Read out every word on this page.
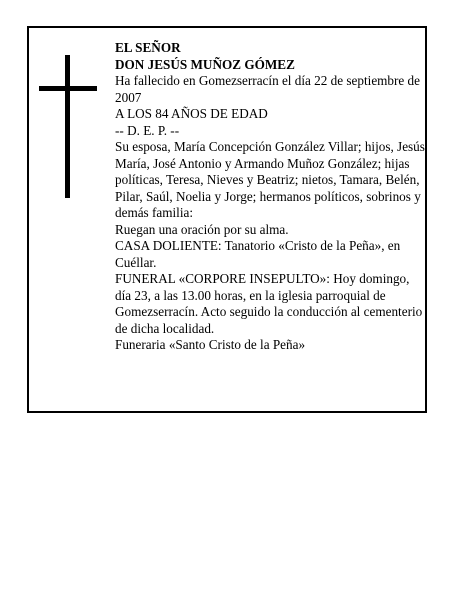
EL SEÑOR

DON JESÚS MUÑOZ GÓMEZ

Ha fallecido en Gomezserracín el día 22 de septiembre de 2007

A LOS 84 AÑOS DE EDAD

-- D. E. P. --

Su esposa, María Concepción González Villar; hijos, Jesús María, José Antonio y Armando Muñoz González; hijas políticas, Teresa, Nieves y Beatriz; nietos, Tamara, Belén, Pilar, Saúl, Noelia y Jorge; hermanos políticos, sobrinos y demás familia:

Ruegan una oración por su alma.

CASA DOLIENTE: Tanatorio «Cristo de la Peña», en Cuéllar.

FUNERAL «CORPORE INSEPULTO»: Hoy domingo, día 23, a las 13.00 horas, en la iglesia parroquial de Gomezserracín. Acto seguido la conducción al cementerio de dicha localidad.

Funeraria «Santo Cristo de la Peña»
